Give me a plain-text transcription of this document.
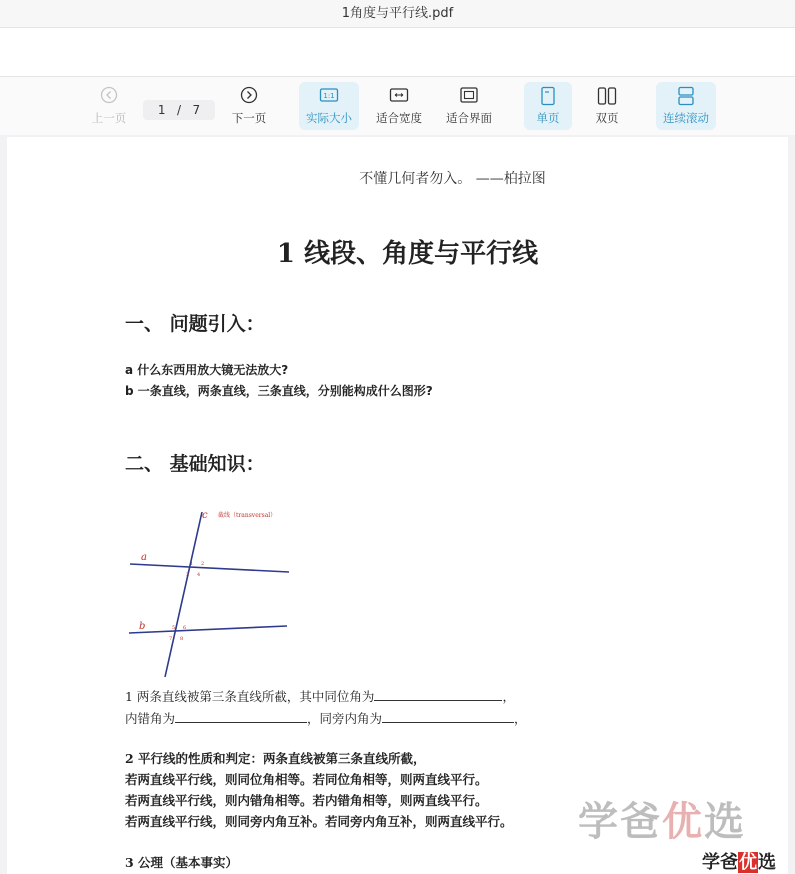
1角度与平行线.pdf
上一页
1 / 7
下一页
1:1
实际大小	适合宽度	适合界面	单页	双页	连续滚动
不懂几何者勿入。 ——柏拉图
1 线段、角度与平行线
一、 问题引入：
a 什么东西用放大镜无法放大?
b 一条直线，两条直线，三条直线，分别能构成什么图形?
二、 基础知识：
c 截线（transversal）
a
b
1 2
3 4
5 6
7 8
1 两条直线被第三条直线所截，其中同位角为	，
内错角为	，同旁内角为	，
2 平行线的性质和判定：两条直线被第三条直线所截，
若两直线平行线，则同位角相等。若同位角相等，则两直线平行。
若两直线平行线，则内错角相等。若内错角相等，则两直线平行。
若两直线平行线，则同旁内角互补。若同旁内角互补，则两直线平行。
3 公理（基本事实）
学爸优选
学爸优选
